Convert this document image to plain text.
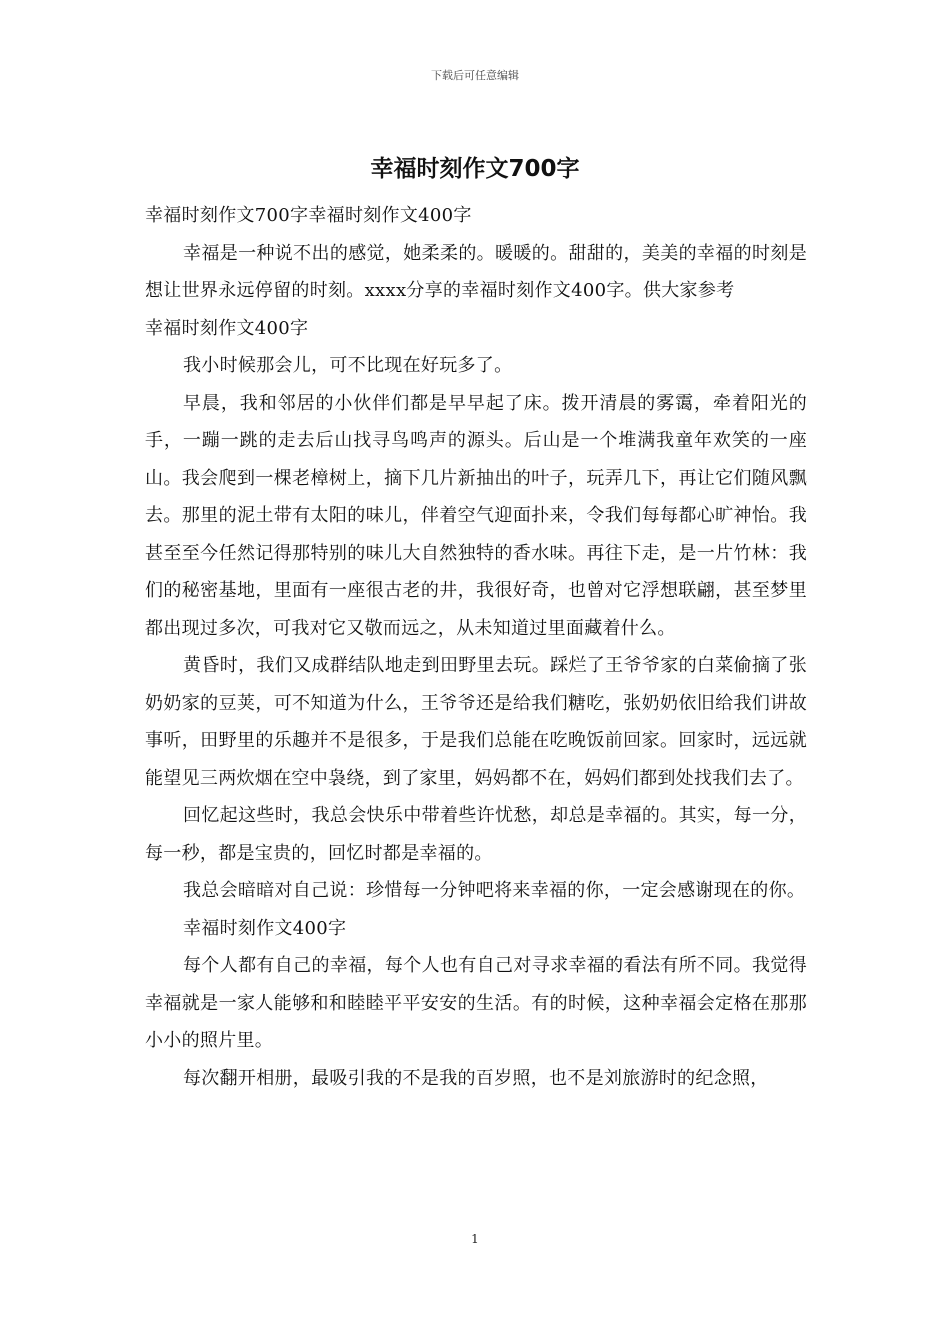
下载后可任意编辑
幸福时刻作文700字

幸福时刻作文700字幸福时刻作文400字

幸福是一种说不出的感觉，她柔柔的。暖暖的。甜甜的，美美的幸福的时刻是想让世界永远停留的时刻。xxxx分享的幸福时刻作文400字。供大家参考

幸福时刻作文400字

我小时候那会儿，可不比现在好玩多了。

早晨，我和邻居的小伙伴们都是早早起了床。拨开清晨的雾霭，牵着阳光的手，一蹦一跳的走去后山找寻鸟鸣声的源头。后山是一个堆满我童年欢笑的一座山。我会爬到一棵老樟树上，摘下几片新抽出的叶子，玩弄几下，再让它们随风飘去。那里的泥土带有太阳的味儿，伴着空气迎面扑来，令我们每每都心旷神怡。我甚至至今任然记得那特别的味儿大自然独特的香水味。再往下走，是一片竹林：我们的秘密基地，里面有一座很古老的井，我很好奇，也曾对它浮想联翩，甚至梦里都出现过多次，可我对它又敬而远之，从未知道过里面藏着什么。

黄昏时，我们又成群结队地走到田野里去玩。踩烂了王爷爷家的白菜偷摘了张奶奶家的豆荚，可不知道为什么，王爷爷还是给我们糖吃，张奶奶依旧给我们讲故事听，田野里的乐趣并不是很多，于是我们总能在吃晚饭前回家。回家时，远远就能望见三两炊烟在空中袅绕，到了家里，妈妈都不在，妈妈们都到处找我们去了。

回忆起这些时，我总会快乐中带着些许忧愁，却总是幸福的。其实，每一分，每一秒，都是宝贵的，回忆时都是幸福的。

我总会暗暗对自己说：珍惜每一分钟吧将来幸福的你，一定会感谢现在的你。

幸福时刻作文400字

每个人都有自己的幸福，每个人也有自己对寻求幸福的看法有所不同。我觉得幸福就是一家人能够和和睦睦平平安安的生活。有的时候，这种幸福会定格在那那小小的照片里。

每次翻开相册，最吸引我的不是我的百岁照，也不是刘旅游时的纪念照，

1
